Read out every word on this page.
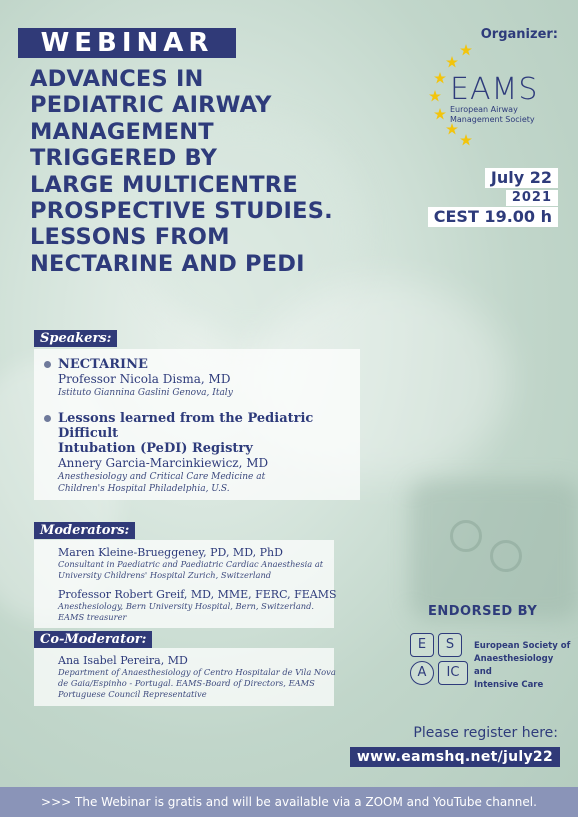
WEBINAR
ADVANCES IN
PEDIATRIC AIRWAY
MANAGEMENT
TRIGGERED BY
LARGE MULTICENTRE
PROSPECTIVE STUDIES.
LESSONS FROM
NECTARINE AND PEDI
Organizer:
EAMS
European Airway
Management Society
July 22
2021
CEST 19.00 h
NECTARINE
Professor Nicola Disma, MD
Istituto Giannina Gaslini Genova, Italy
Lessons learned from the Pediatric Difficult
Intubation (PeDI) Registry
Annery Garcia-Marcinkiewicz, MD
Anesthesiology and Critical Care Medicine at
Children's Hospital Philadelphia, U.S.
Speakers:
Maren Kleine-Brueggeney, PD, MD, PhD
Consultant in Paediatric and Paediatric Cardiac Anaesthesia at
University Childrens' Hospital Zurich, Switzerland
Professor Robert Greif, MD, MME, FERC, FEAMS
Anesthesiology, Bern University Hospital, Bern, Switzerland.
EAMS treasurer
Moderators:
Ana Isabel Pereira, MD
Department of Anaesthesiology of Centro Hospitalar de Vila Nova
de Gaia/Espinho - Portugal. EAMS-Board of Directors, EAMS
Portuguese Council Representative
Co-Moderator:
ENDORSED BY
E	S
A	IC
European Society of
Anaesthesiology and
Intensive Care
Please register here:
www.eamshq.net/july22
>>> The Webinar is gratis and will be available via a ZOOM and YouTube channel.
